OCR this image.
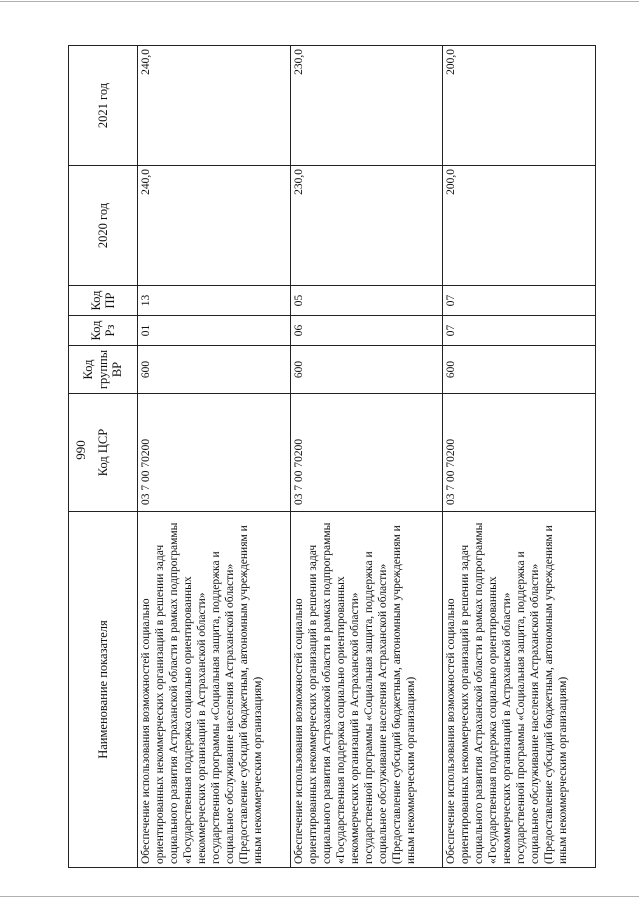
990
Наименование показателя	Код ЦСР	Код группы ВР	Код Рз	Код ПР	2020 год	2021 год
Обеспечение использования возможностей социально ориентированных некоммерческих организаций в решении задач социального развития Астраханской области в рамках подпрограммы «Государственная поддержка социально ориентированных некоммерческих организаций в Астраханской области» государственной программы «Социальная защита, поддержка и социальное обслуживание населения Астраханской области» (Предоставление субсидий бюджетным, автономным учреждениям и иным некоммерческим организациям)	03 7 00 70200	600	01	13	240,0	240,0
Обеспечение использования возможностей социально ориентированных некоммерческих организаций в решении задач социального развития Астраханской области в рамках подпрограммы «Государственная поддержка социально ориентированных некоммерческих организаций в Астраханской области» государственной программы «Социальная защита, поддержка и социальное обслуживание населения Астраханской области» (Предоставление субсидий бюджетным, автономным учреждениям и иным некоммерческим организациям)	03 7 00 70200	600	06	05	230,0	230,0
Обеспечение использования возможностей социально ориентированных некоммерческих организаций в решении задач социального развития Астраханской области в рамках подпрограммы «Государственная поддержка социально ориентированных некоммерческих организаций в Астраханской области» государственной программы «Социальная защита, поддержка и социальное обслуживание населения Астраханской области» (Предоставление субсидий бюджетным, автономным учреждениям и иным некоммерческим организациям)	03 7 00 70200	600	07	07	200,0	200,0
